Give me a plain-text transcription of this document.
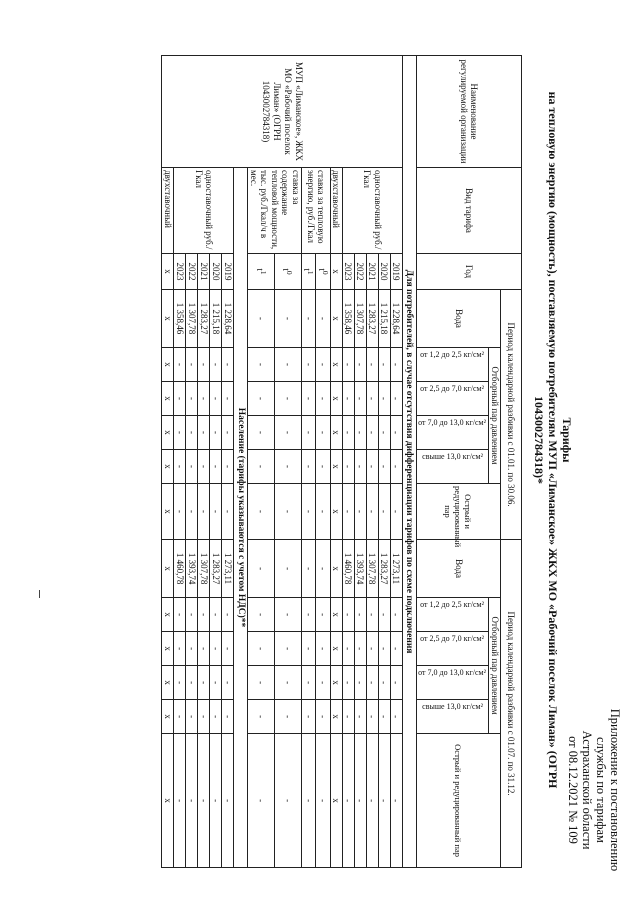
Приложение к постановлению
службы по тарифам
Астраханской области
от 08.12.2021 № 109
Тарифы
на тепловую энергию (мощность), поставляемую потребителям МУП «Лиманское» ЖКХ МО «Рабочий поселок Лиман» (ОГРН 1043002784318)*
Наименование регулируемой организации	Вид тарифа	Год	Период календарной разбивки с 01.01. по 30.06.						Период календарной разбивки с 01.07. по 31.12.					
			Вода	Отборный пар давлением				Острый и редуцированный пар	Вода	Отборный пар давлением				Острый и редуцированный пар

				от 1,2 до 2,5 кг/см²	от 2,5 до 7,0 кг/см²	от 7,0 до 13,0 кг/см²	свыше 13,0 кг/см²			от 1,2 до 2,5 кг/см²	от 2,5 до 7,0 кг/см²	от 7,0 до 13,0 кг/см²	свыше 13,0 кг/см²	

Для потребителей, в случае отсутствия дифференциации тарифов по схеме подключения														
МУП «Лиманское», ЖКХ МО «Рабочий поселок Лиман» (ОГРН 1043002784318)	одноставочный руб./Гкал	2019	1 228,64	-	-	-	-	-	1 273,11	-	-	-	-	-
		2020	1 215,18	-	-	-	-	-	1 283,27	-	-	-	-	-
		2021	1 283,27	-	-	-	-	-	1 307,78	-	-	-	-	-
		2022	1 307,78	-	-	-	-	-	1 393,74	-	-	-	-	-
		2023	1 358,46	-	-	-	-	-	1 460,78	-	-	-	-	-
	двухставочный	х	х	х	х	х	х	х	х	х	х	х	х	х
	ставка за тепловую энергию, руб./Гкал	$t^0$	-	-	-	-	-	-	-	-	-	-	-	-
		$t^1$	-	-	-	-	-	-	-	-	-	-	-	-
	ставка за содержание тепловой мощности, тыс. руб./Гкал/ч в мес.	$t^0$	-	-	-	-	-	-	-	-	-	-	-	-
		$t^1$	-	-	-	-	-	-	-	-	-	-	-	-
	Население (тарифы указываются с учетом НДС)**													
	одноставочный руб./Гкал	2019	1 228,64	-	-	-	-	-	1 273,11	-	-	-	-	-
		2020	1 215,18	-	-	-	-	-	1 283,27	-	-	-	-	-
		2021	1 283,27	-	-	-	-	-	1 307,78	-	-	-	-	-
		2022	1 307,78	-	-	-	-	-	1 393,74	-	-	-	-	-
		2023	1 358,46	-	-	-	-	-	1 460,78	-	-	-	-	-
	двухставочный	х	х	х	х	х	х	х	х	х	х	х	х	х
